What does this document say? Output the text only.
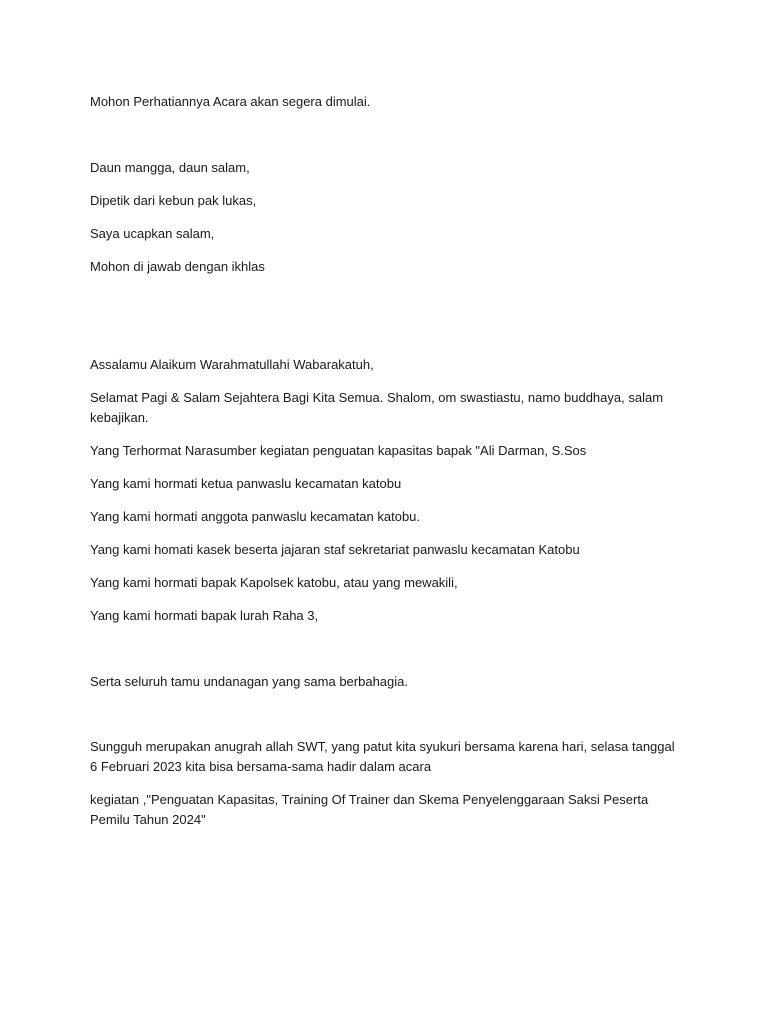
Mohon Perhatiannya Acara akan segera dimulai.

Daun mangga, daun salam,

Dipetik dari kebun pak lukas,

Saya ucapkan salam,

Mohon di jawab dengan ikhlas

Assalamu Alaikum Warahmatullahi Wabarakatuh,

Selamat Pagi & Salam Sejahtera Bagi Kita Semua. Shalom, om swastiastu, namo buddhaya, salam kebajikan.

Yang Terhormat Narasumber kegiatan penguatan kapasitas bapak "Ali Darman, S.Sos

Yang kami hormati ketua panwaslu kecamatan katobu

Yang kami hormati anggota panwaslu kecamatan katobu.

Yang kami homati kasek beserta jajaran staf sekretariat panwaslu kecamatan Katobu

Yang kami hormati bapak Kapolsek katobu, atau yang mewakili,

Yang kami hormati bapak lurah Raha 3,

Serta seluruh tamu undanagan yang sama berbahagia.

Sungguh merupakan anugrah allah SWT, yang patut kita syukuri bersama karena hari, selasa tanggal 6 Februari 2023 kita bisa bersama-sama hadir dalam acara

kegiatan ,"Penguatan Kapasitas, Training Of Trainer dan Skema Penyelenggaraan Saksi Peserta Pemilu Tahun 2024"
